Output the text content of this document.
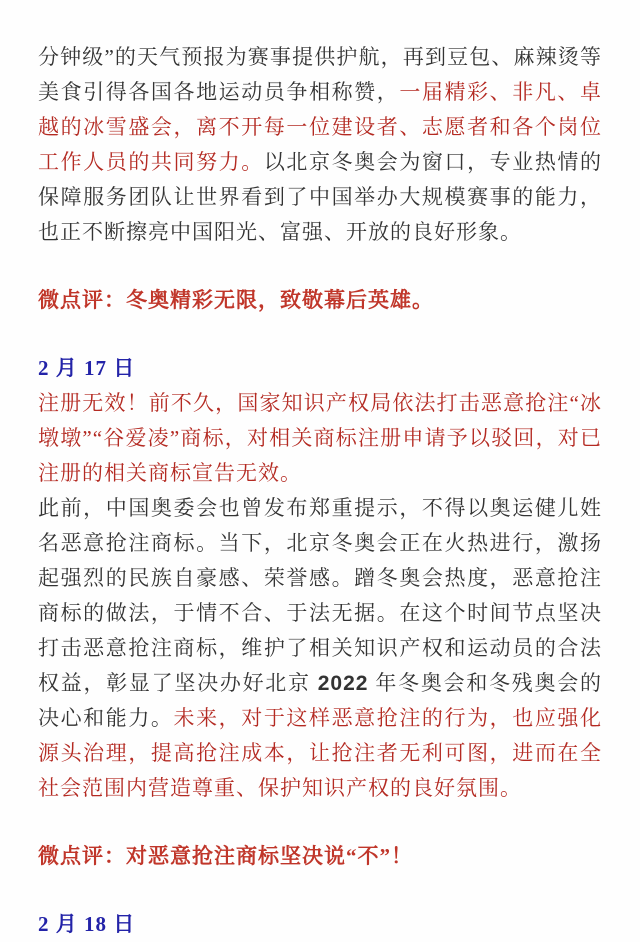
分钟级”的天气预报为赛事提供护航，再到豆包、麻辣烫等美食引得各国各地运动员争相称赞，一届精彩、非凡、卓越的冰雪盛会，离不开每一位建设者、志愿者和各个岗位工作人员的共同努力。以北京冬奥会为窗口，专业热情的保障服务团队让世界看到了中国举办大规模赛事的能力，也正不断擦亮中国阳光、富强、开放的良好形象。

微点评：冬奥精彩无限，致敬幕后英雄。

2 月 17 日

注册无效！前不久，国家知识产权局依法打击恶意抢注“冰墩墩”“谷爱凌”商标，对相关商标注册申请予以驳回，对已注册的相关商标宣告无效。

此前，中国奥委会也曾发布郑重提示，不得以奥运健儿姓名恶意抢注商标。当下，北京冬奥会正在火热进行，激扬起强烈的民族自豪感、荣誉感。蹭冬奥会热度，恶意抢注商标的做法，于情不合、于法无据。在这个时间节点坚决打击恶意抢注商标，维护了相关知识产权和运动员的合法权益，彰显了坚决办好北京 2022 年冬奥会和冬残奥会的决心和能力。未来，对于这样恶意抢注的行为，也应强化源头治理，提高抢注成本，让抢注者无利可图，进而在全社会范围内营造尊重、保护知识产权的良好氛围。

微点评：对恶意抢注商标坚决说“不”！

2 月 18 日
